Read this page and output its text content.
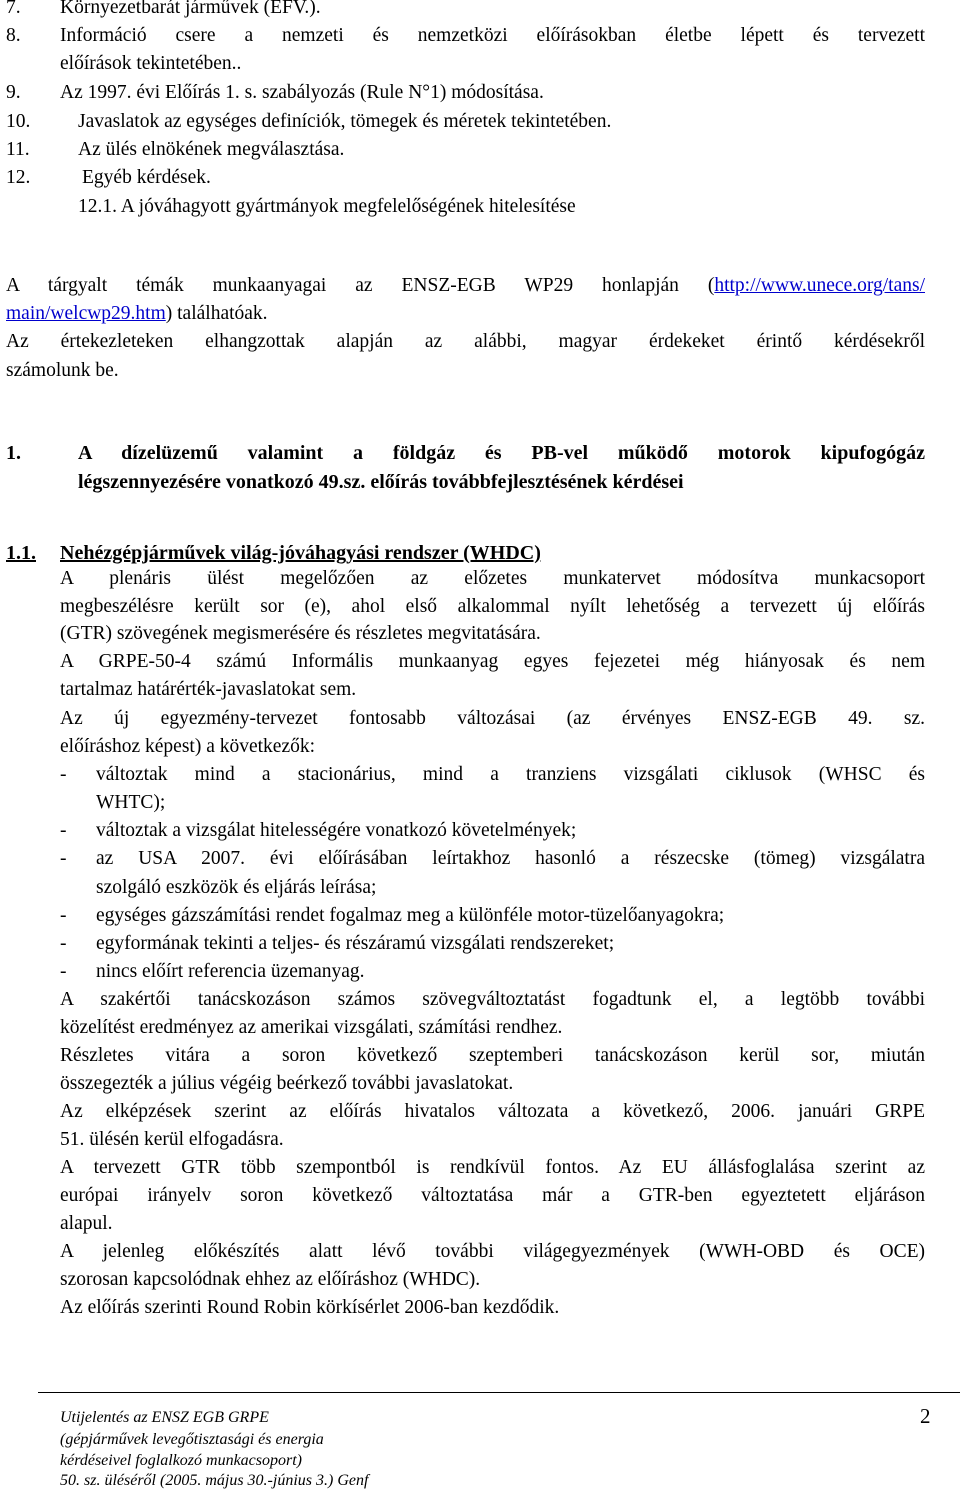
7. Környezetbarát járművek (EFV.).
8. Információ csere a nemzeti és nemzetközi előírásokban életbe lépett és tervezett
előírások tekintetében..
9. Az 1997. évi Előírás 1. s. szabályozás (Rule N°1) módosítása.
10. Javaslatok az egységes definíciók, tömegek és méretek tekintetében.
11. Az ülés elnökének megválasztása.
12.	Egyéb kérdések.
12.1. A jóváhagyott gyártmányok megfelelőségének hitelesítése
A tárgyalt témák munkaanyagai az ENSZ-EGB WP29 honlapján (http://www.unece.org/tans/
main/welcwp29.htm) találhatóak.
Az értekezleteken elhangzottak alapján az alábbi, magyar érdekeket érintő kérdésekről
számolunk be.
1.	A dízelüzemű valamint a földgáz és PB-vel működő motorok kipufogógáz
légszennyezésére vonatkozó 49.sz. előírás továbbfejlesztésének kérdései
1.1. Nehézgépjárművek világ-jóváhagyási rendszer (WHDC)
A plenáris ülést megelőzően az előzetes munkatervet módosítva munkacsoport
megbeszélésre került sor (e), ahol első alkalommal nyílt lehetőség a tervezett új előírás
(GTR) szövegének megismerésére és részletes megvitatására.
A GRPE-50-4 számú Informális munkaanyag egyes fejezetei még hiányosak és nem
tartalmaz határérték-javaslatokat sem.
Az új egyezmény-tervezet fontosabb változásai (az érvényes ENSZ-EGB 49. sz.
előíráshoz képest) a következők:
- változtak mind a stacionárius, mind a tranziens vizsgálati ciklusok (WHSC és
WHTC);
- változtak a vizsgálat hitelességére vonatkozó követelmények;
- az USA 2007. évi előírásában leírtakhoz hasonló a részecske (tömeg) vizsgálatra
szolgáló eszközök és eljárás leírása;
- egységes gázszámítási rendet fogalmaz meg a különféle motor-tüzelőanyagokra;
- egyformának tekinti a teljes- és részáramú vizsgálati rendszereket;
- nincs előírt referencia üzemanyag.
A szakértői tanácskozáson számos szövegváltoztatást fogadtunk el, a legtöbb további
közelítést eredményez az amerikai vizsgálati, számítási rendhez.
Részletes vitára a soron következő szeptemberi tanácskozáson kerül sor, miután
összegezték a július végéig beérkező további javaslatokat.
Az elképzések szerint az előírás hivatalos változata a következő, 2006. januári GRPE
51. ülésén kerül elfogadásra.
A tervezett GTR több szempontból is rendkívül fontos. Az EU állásfoglalása szerint az
európai irányelv soron következő változtatása már a GTR-ben egyeztetett eljáráson
alapul.
A jelenleg előkészítés alatt lévő további világegyezmények (WWH-OBD és OCE)
szorosan kapcsolódnak ehhez az előíráshoz (WHDC).
Az előírás szerinti Round Robin körkísérlet 2006-ban kezdődik.
Utijelentés az ENSZ EGB GRPE
(gépjárművek levegőtisztasági és energia
kérdéseivel foglalkozó munkacsoport)
50. sz. üléséről (2005. május 30.-június 3.) Genf
2
